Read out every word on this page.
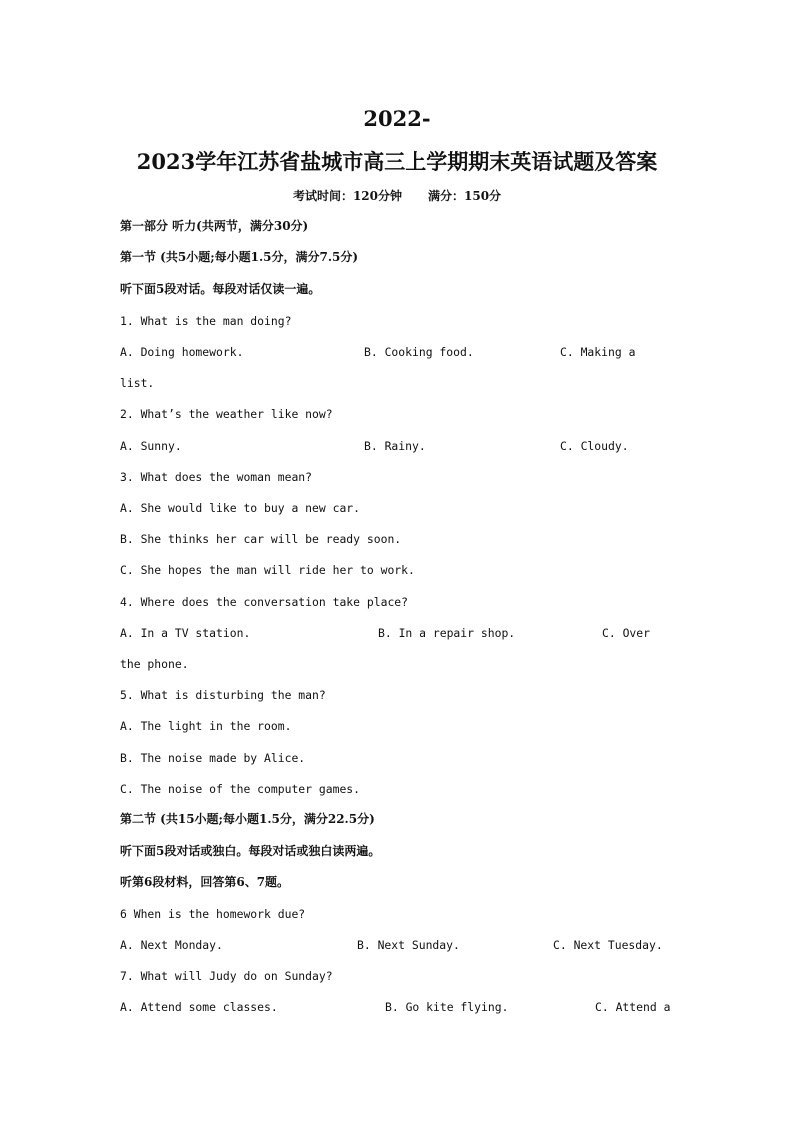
2022-
2023学年江苏省盐城市高三上学期期末英语试题及答案
考试时间：120分钟 满分：150分
第一部分 听力(共两节，满分30分)
第一节 (共5小题;每小题1.5分，满分7.5分)
听下面5段对话。每段对话仅读一遍。
1. What is the man doing?
A. Doing homework.	B. Cooking food.	C. Making a
list.
2. What’s the weather like now?
A. Sunny.	B. Rainy.	C. Cloudy.
3. What does the woman mean?
A. She would like to buy a new car.
B. She thinks her car will be ready soon.
C. She hopes the man will ride her to work.
4. Where does the conversation take place?
A. In a TV station.	B. In a repair shop.	C. Over
the phone.
5. What is disturbing the man?
A. The light in the room.
B. The noise made by Alice.
C. The noise of the computer games.
第二节 (共15小题;每小题1.5分，满分22.5分)
听下面5段对话或独白。每段对话或独白读两遍。
听第6段材料，回答第6、7题。
6 When is the homework due?
A. Next Monday.	B. Next Sunday.	C. Next Tuesday.
7. What will Judy do on Sunday?
A. Attend some classes.	B. Go kite flying.	C. Attend a
